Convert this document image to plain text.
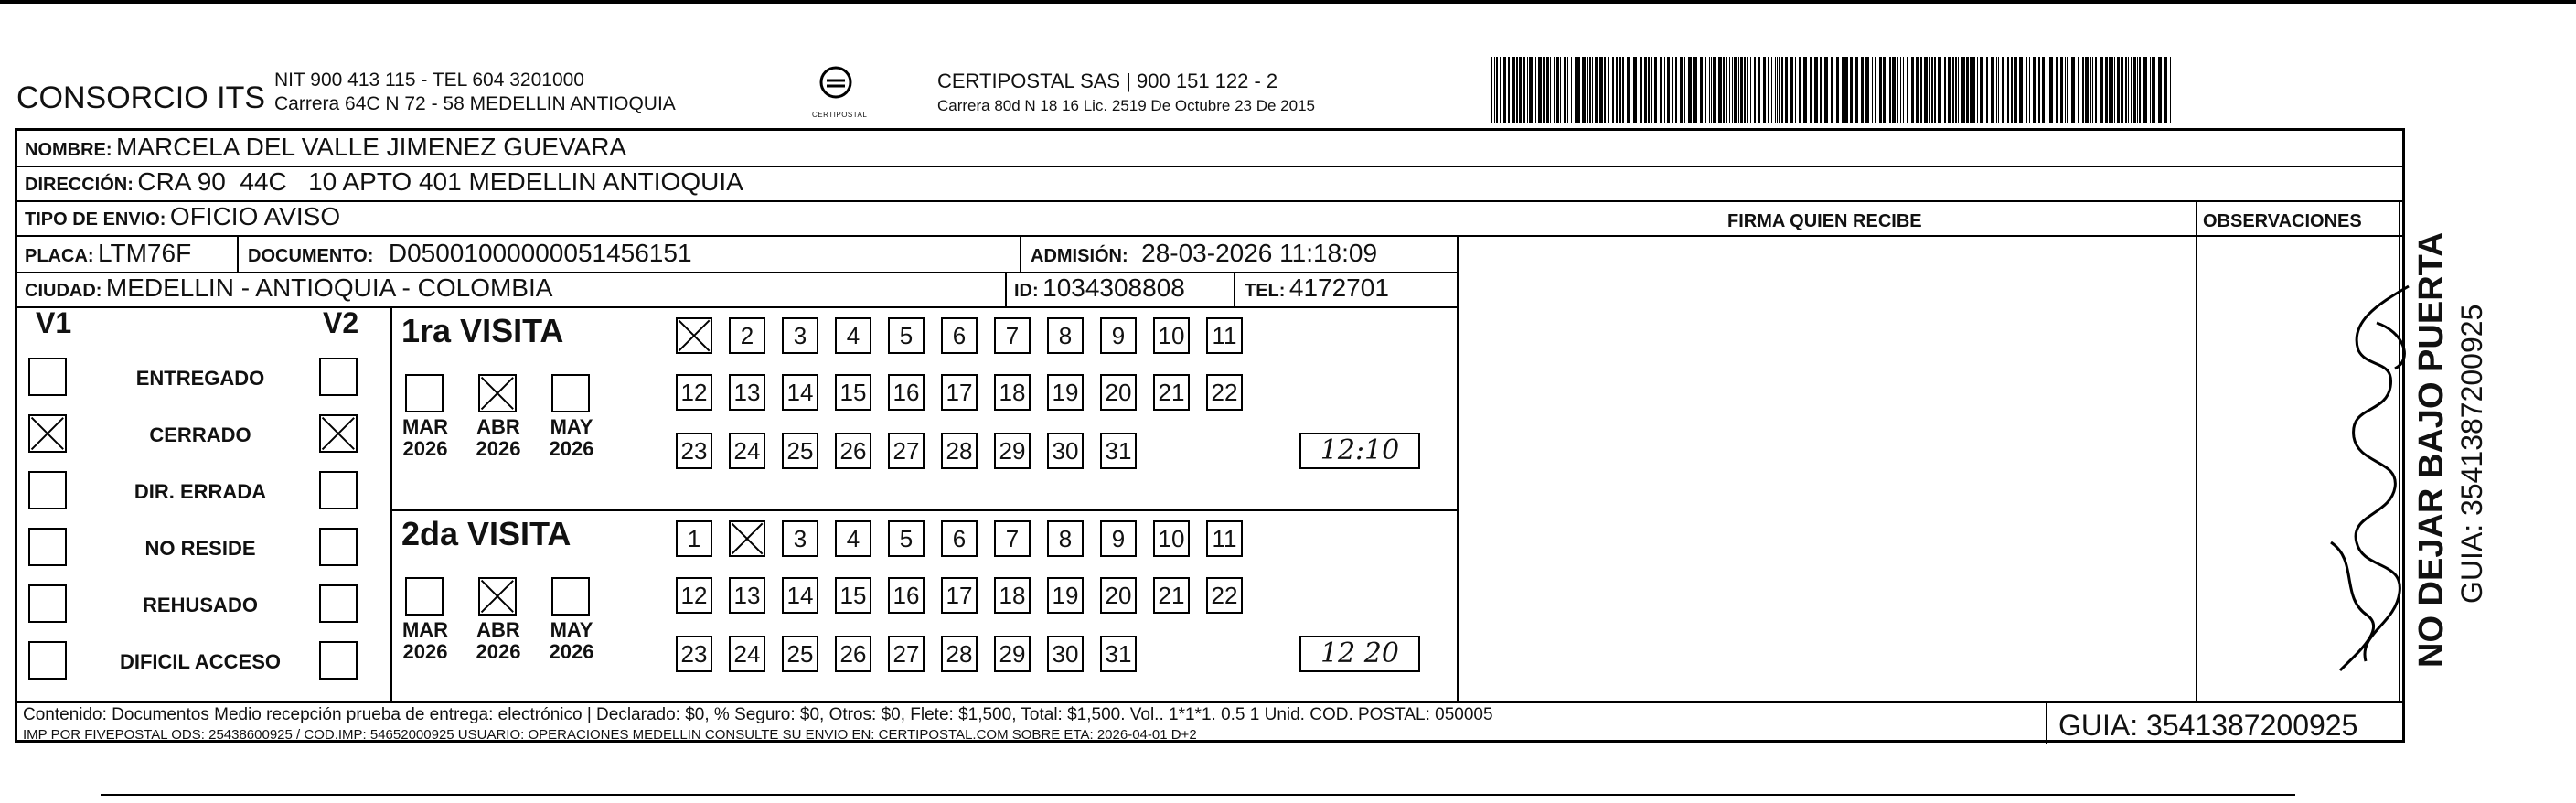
CONSORCIO ITS
NIT 900 413 115 - TEL 604 3201000
Carrera 64C N 72 - 58 MEDELLIN ANTIOQUIA
CERTIPOSTAL
CERTIPOSTAL SAS | 900 151 122 - 2
Carrera 80d N 18 16 Lic. 2519 De Octubre 23 De 2015
NOMBRE: MARCELA DEL VALLE JIMENEZ GUEVARA
DIRECCIÓN: CRA 90  44C   10 APTO 401 MEDELLIN ANTIOQUIA
TIPO DE ENVIO: OFICIO AVISO	FIRMA QUIEN RECIBE	OBSERVACIONES
PLACA: LTM76F	DOCUMENTO: D05001000000051456151	ADMISIÓN: 28-03-2026 11:18:09
CIUDAD: MEDELLIN - ANTIOQUIA - COLOMBIA	ID: 1034308808	TEL: 4172701
V1	V2
ENTREGADO
CERRADO
DIR. ERRADA
NO RESIDE
REHUSADO
DIFICIL ACCESO
1ra VISITA
MAR
2026
ABR
2026
MAY
2026
2	3	4	5	6	7	8	9	10 11
12 13 14 15 16 17 18 19 20 21 22
23 24 25 26 27 28 29 30 31	12:10
2da VISITA
MAR
2026
ABR
2026
MAY
2026
1	3	4	5	6	7	8	9	10 11
12 13 14 15 16 17 18 19 20 21 22
23 24 25 26 27 28 29 30 31	12 20
Contenido: Documentos Medio recepción prueba de entrega: electrónico | Declarado: $0, % Seguro: $0, Otros: $0, Flete: $1,500, Total: $1,500. Vol.. 1*1*1. 0.5 1 Unid. COD. POSTAL: 050005
IMP POR FIVEPOSTAL ODS: 25438600925 / COD.IMP: 54652000925 USUARIO: OPERACIONES MEDELLIN CONSULTE SU ENVIO EN: CERTIPOSTAL.COM SOBRE ETA: 2026-04-01 D+2	GUIA: 3541387200925
NO DEJAR BAJO PUERTA GUIA: 3541387200925
